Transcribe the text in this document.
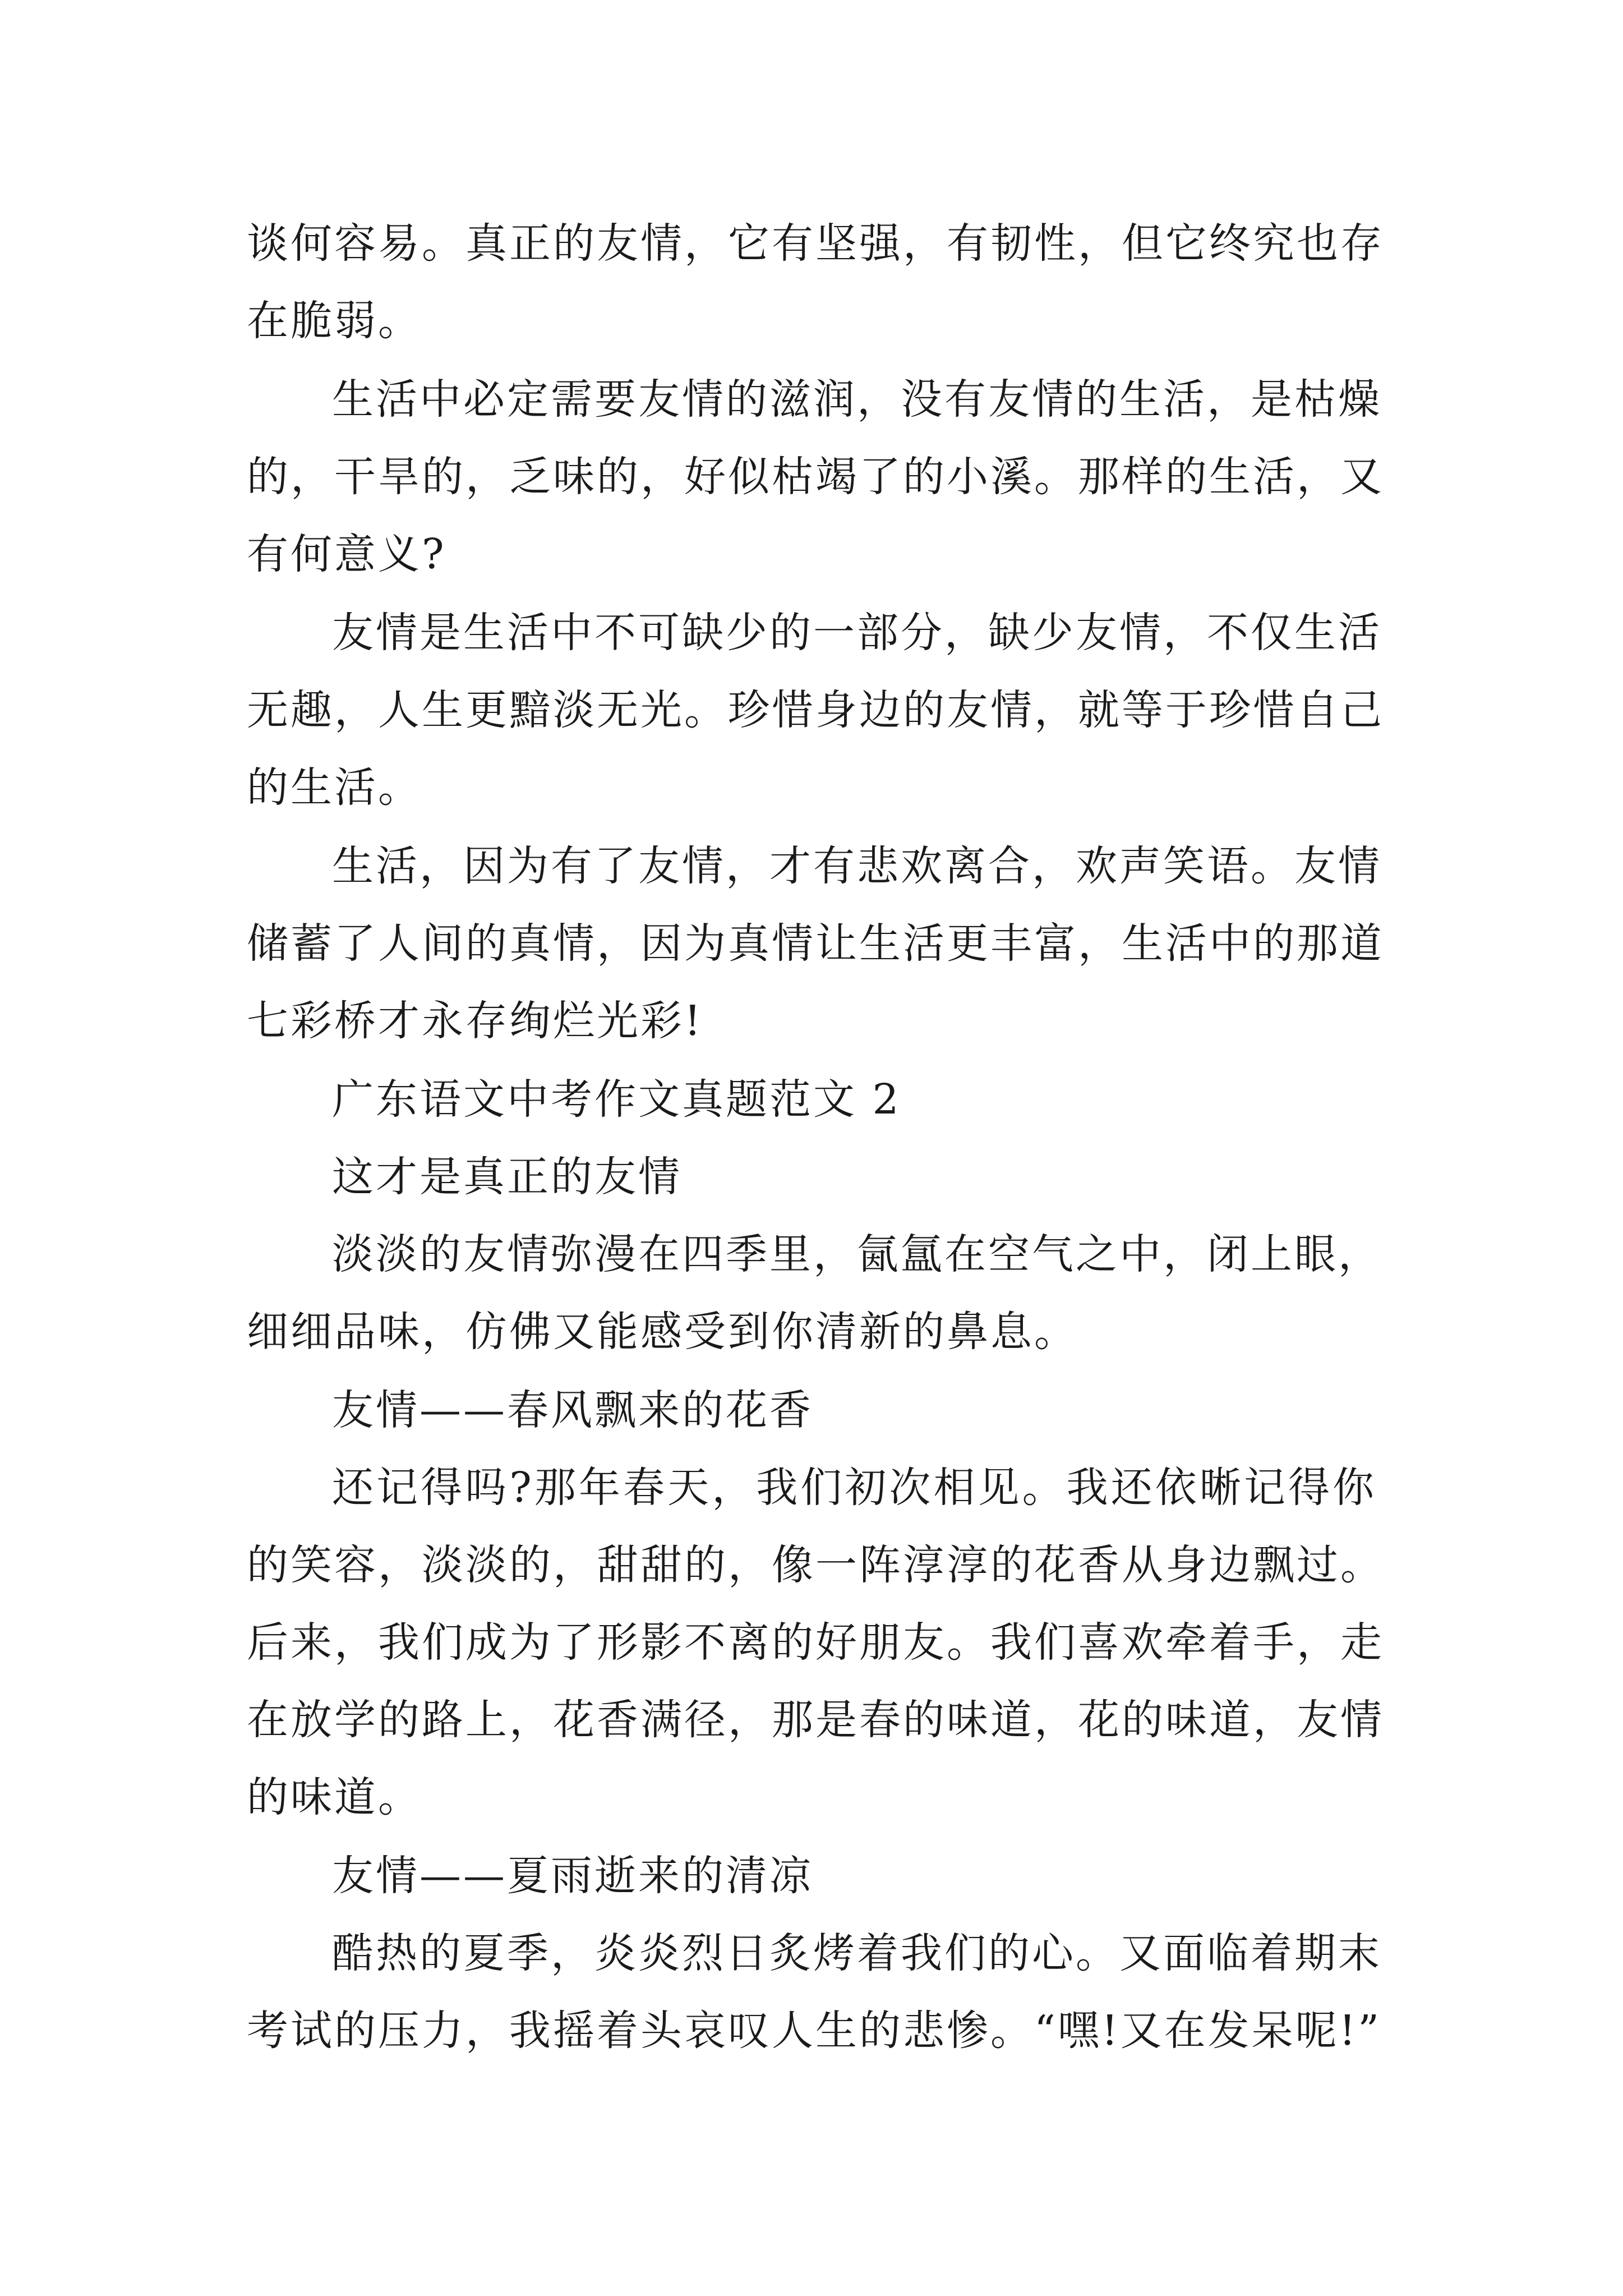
谈何容易。真正的友情，它有坚强，有韧性，但它终究也存
在脆弱。
生活中必定需要友情的滋润，没有友情的生活，是枯燥
的，干旱的，乏味的，好似枯竭了的小溪。那样的生活，又
有何意义?
友情是生活中不可缺少的一部分，缺少友情，不仅生活
无趣，人生更黯淡无光。珍惜身边的友情，就等于珍惜自己
的生活。
生活，因为有了友情，才有悲欢离合，欢声笑语。友情
储蓄了人间的真情，因为真情让生活更丰富，生活中的那道
七彩桥才永存绚烂光彩!
广东语文中考作文真题范文 2
这才是真正的友情
淡淡的友情弥漫在四季里，氤氲在空气之中，闭上眼，
细细品味，仿佛又能感受到你清新的鼻息。
友情——春风飘来的花香
还记得吗?那年春天，我们初次相见。我还依晰记得你
的笑容，淡淡的，甜甜的，像一阵淳淳的花香从身边飘过。
后来，我们成为了形影不离的好朋友。我们喜欢牵着手，走
在放学的路上，花香满径，那是春的味道，花的味道，友情
的味道。
友情——夏雨逝来的清凉
酷热的夏季，炎炎烈日炙烤着我们的心。又面临着期末
考试的压力，我摇着头哀叹人生的悲惨。“嘿!又在发呆呢!”
